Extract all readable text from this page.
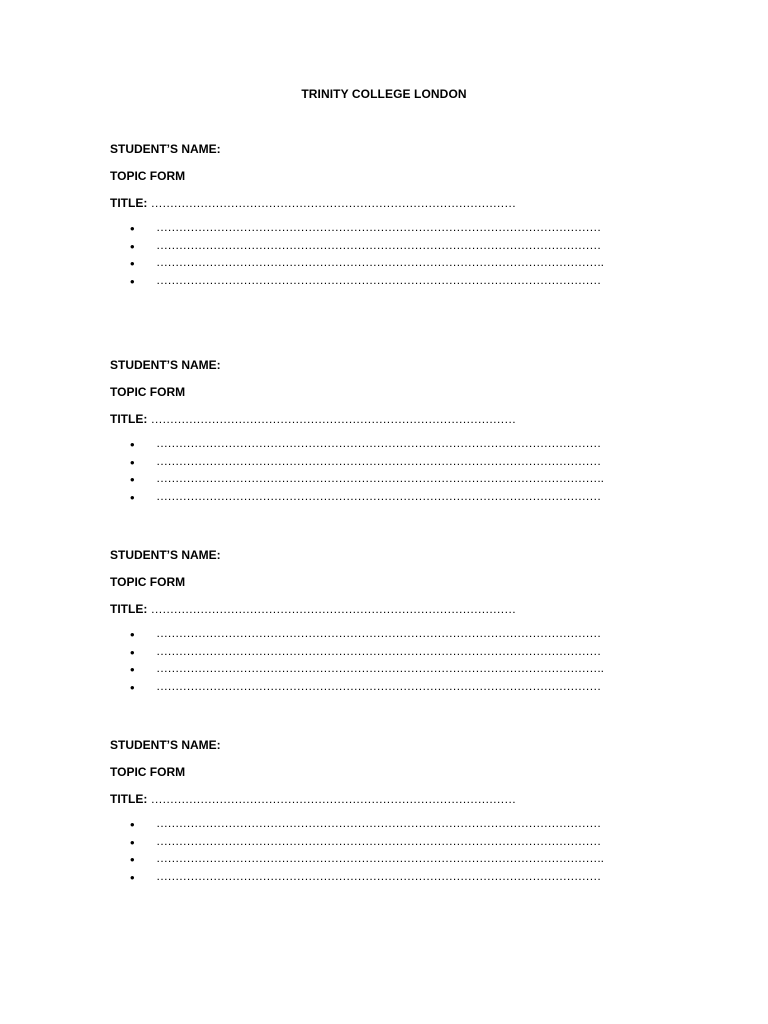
TRINITY COLLEGE LONDON
STUDENT’S NAME:
TOPIC FORM
TITLE: ……………………………………………………………………………………
• ………………………………………………………………………………………………………
• ………………………………………………………………………………………………………
• ……………………………………………………………………………………………………….
• ………………………………………………………………………………………………………
STUDENT’S NAME:
TOPIC FORM
TITLE: ……………………………………………………………………………………
• ………………………………………………………………………………………………………
• ………………………………………………………………………………………………………
• ……………………………………………………………………………………………………….
• ………………………………………………………………………………………………………
STUDENT’S NAME:
TOPIC FORM
TITLE: ……………………………………………………………………………………
• ………………………………………………………………………………………………………
• ………………………………………………………………………………………………………
• ……………………………………………………………………………………………………….
• ………………………………………………………………………………………………………
STUDENT’S NAME:
TOPIC FORM
TITLE: ……………………………………………………………………………………
• ………………………………………………………………………………………………………
• ………………………………………………………………………………………………………
• ……………………………………………………………………………………………………….
• ………………………………………………………………………………………………………
